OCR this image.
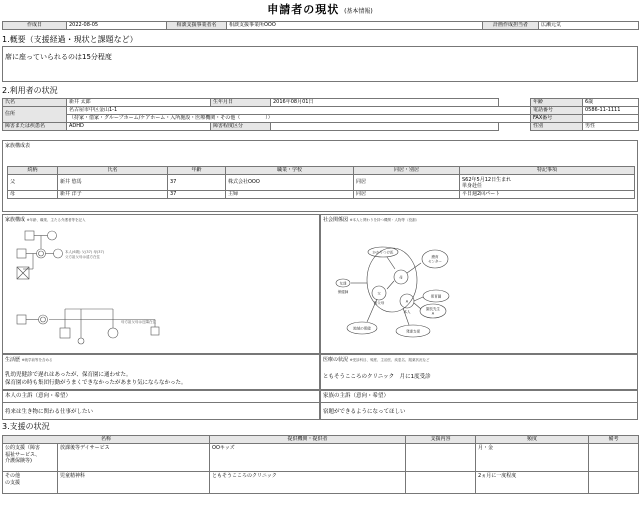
申請者の現状 (基本情報)
作成日	2022-08-05	相談支援事業者名	相談支援事業所OOO	計画作成担当者	広瀬元気
1.概要（支援経過・現状と課題など）
席に座っていられるのは15分程度
2.利用者の状況
氏名	新井 太郎	生年月日	2016年08月01日		年齢	6歳
住所	名古屋市中区金山1-1				電話番号	0586-11-1111
	（持家・借家・グループホーム/ケアホーム・入所施設・医療機関・その他（　　　　　））				FAX番号	
障害または疾患名	ADHD	障害程度区分			性別	男性
家族構成表
続柄	氏名	年齢	職業・学校	同居・別居	特記事項
父	新井 悠馬	37	株式会社OOO	同居	S62年5月12日生まれ
単身赴任

母	新井 洋子	37	主婦	同居	平日週2回パート
家族構成 ※年齢、職業、主たる介護者等を記入
本人(6歳) 父(37) 母(37)
父方祖父母は遠方在住
母方祖父母は近隣在住
社会関係図 ※本人と関わりを持つ機関・人物等（役割）
かかりつけ医
療育
センター
友達
保健師
母
父
祖父母	A
本人
保育園
園長先生
A
地域の保健
発達支援
生活歴 ※就学前等を含める
乳幼児健診で遅れはあったが、保育園に通わせた。
保育園の時も集団行動がうまくできなかったがあまり気にならなかった。
医療の状況 ※受診科目、頻度、主治医、疾患名、服薬状況など
ともそうこころのクリニック　月に1度受診
本人の主訴（意向・希望）
将来は生き物に関わる仕事がしたい
家族の主訴（意向・希望）
宿題ができるようになってほしい
3.支援の状況
名称		提供機関・提供者	支援内容	頻度	備考

公的支援（障害
福祉サービス、
介護保険等)	放課後等デイサービス	OOキッズ		月・金	

その他
の支援	児童精神科	ともそうこころのクリニック		2ヵ月に一度程度	
